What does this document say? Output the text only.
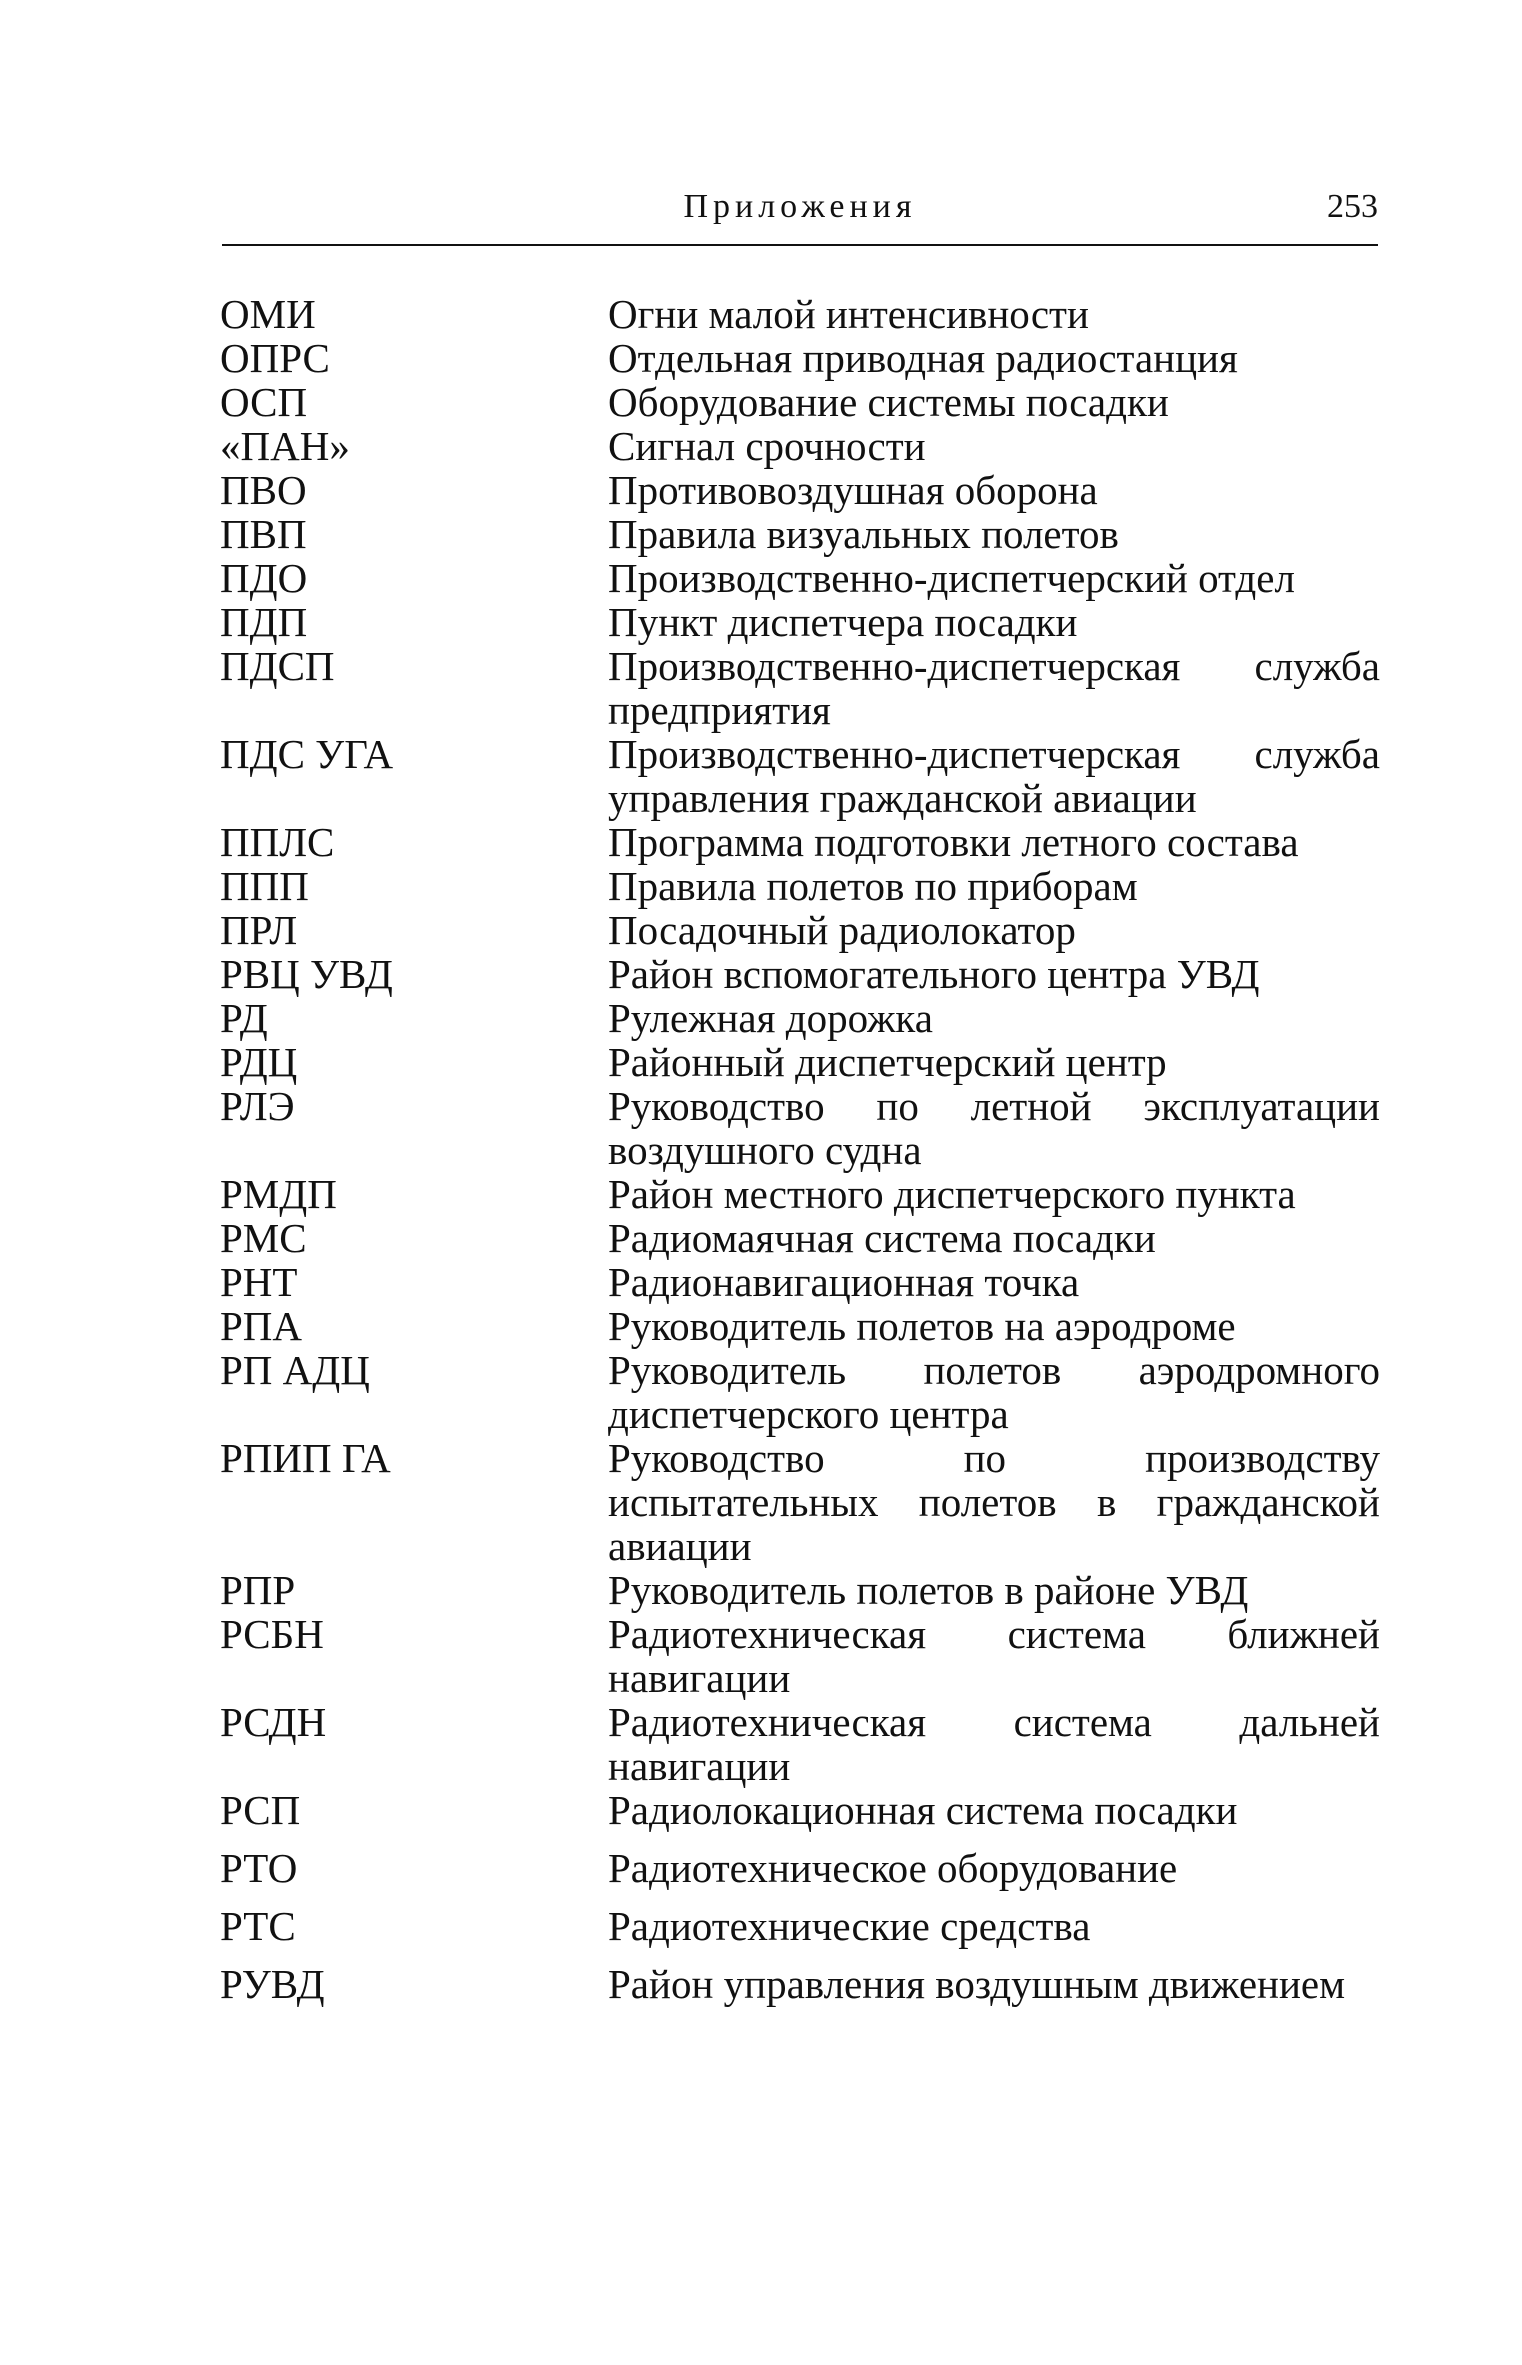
Приложения	253
ОМИ	Огни малой интенсивности
ОПРС	Отдельная приводная радиостанция
ОСП	Оборудование системы посадки
«ПАН»	Сигнал срочности
ПВО	Противовоздушная оборона
ПВП	Правила визуальных полетов
ПДО	Производственно-диспетчерский отдел
ПДП	Пункт диспетчера посадки
ПДСП	Производственно-диспетчерская служба предприятия
ПДС УГА	Производственно-диспетчерская служба управления гражданской авиации
ППЛС	Программа подготовки летного состава
ППП	Правила полетов по приборам
ПРЛ	Посадочный радиолокатор
РВЦ УВД	Район вспомогательного центра УВД
РД	Рулежная дорожка
РДЦ	Районный диспетчерский центр
РЛЭ	Руководство по летной эксплуатации воздушного судна
РМДП	Район местного диспетчерского пункта
РМС	Радиомаячная система посадки
РНТ	Радионавигационная точка
РПА	Руководитель полетов на аэродроме
РП АДЦ	Руководитель полетов аэродромного диспетчерского центра
РПИП ГА	Руководство по производству испытательных полетов в гражданской авиации
РПР	Руководитель полетов в районе УВД
РСБН	Радиотехническая система ближней навигации
РСДН	Радиотехническая система дальней навигации
РСП	Радиолокационная система посадки
РТО	Радиотехническое оборудование
РТС	Радиотехнические средства
РУВД	Район управления воздушным движением
